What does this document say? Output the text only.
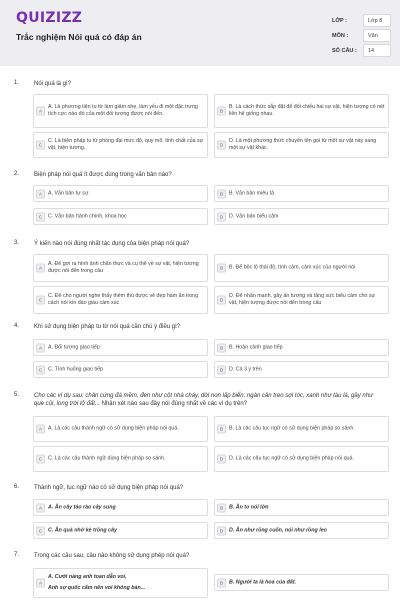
QUIZIZZ
Trắc nghiệm Nói quá có đáp án
LỚP :	Lớp 8
MÔN :	Văn
SỐ CÂU :	14
1. Nói quá là gì?
A
A. Là phương tiện tu từ làm giảm nhẹ, làm yếu đi một đặc trưng tích cực nào đó của một đối tượng được nói đến.	B
B. Là cách thức sắp đặt để đối chiếu hai sự vật, hiện tượng có nét liên hệ giống nhau.
C
C. Là biện pháp tu từ phóng đại mức độ, quy mô, tính chất của sự vật, hiện tượng.	D
D. Là một phương thức chuyển tên gọi từ một sự vật này sang một sự vật khác.
2. Biện pháp nói quá ít được dùng trong văn bản nào?
A	A. Văn bản tự sự	B	B. Văn bản miêu tả
C	C. Văn bản hành chính, khoa học	D	D. Văn bản biểu cảm
3. Ý kiến nào nói đúng nhất tác dụng của biện pháp nói quá?
A
A. Để gợi ra hình ảnh chân thực và cụ thể về sự vật, hiện tượng được nói đến trong câu	B	B. Để bộc lộ thái độ, tình cảm, cảm xúc của người nói
C
C. Để cho người nghe thấy thêm thú được vẻ đẹp hàm ẩn trong cách nói kín đáo giàu cảm xúc	D
D. Để nhấn mạnh, gây ấn tượng và tăng sức biểu cảm cho sự vật, hiện tượng được nói đến trong câu
4. Khi sử dụng biện pháp tu từ nói quá cần chú ý điều gì?
A	A. Đối tượng giao tiếp	B	B. Hoàn cảnh giao tiếp
C	C. Tình huống giao tiếp	D	D. Cả 3 ý trên
5. Cho các ví dụ sau: chân cứng đá mềm, đen như cột nhà cháy, dời non lấp biển, ngàn cân treo sợi tóc, xanh như tàu lá, gầy như que củi, long trời lở đất... Nhận xét nào sau đây nói đúng nhất về các ví dụ trên?
A	A. Là các câu thành ngữ có sử dụng biện pháp nói quá.	B	B. Là các câu tục ngữ có sử dụng biện pháp so sánh.
C	C. Là các câu thành ngữ dùng biện pháp so sánh.	D	D. Là các câu tục ngữ có sử dụng biện pháp nói quá.
6. Thành ngữ, tục ngữ nào có sử dụng biện pháp nói quá?
A	A. Ăn cây táo rào cây sung	B	B. Ăn to nói lớn
C	C. Ăn quả nhớ kẻ trồng cây	D	D. Ăn như rồng cuốn, nói như rồng leo
7. Trong các câu sau, câu nào không sử dụng phép nói quá?
A
A. Cưới nàng anh toan dẫn voi,
Anh sợ quốc cấm nên voi không bàn...
B	B. Người ta là hoa của đất.
